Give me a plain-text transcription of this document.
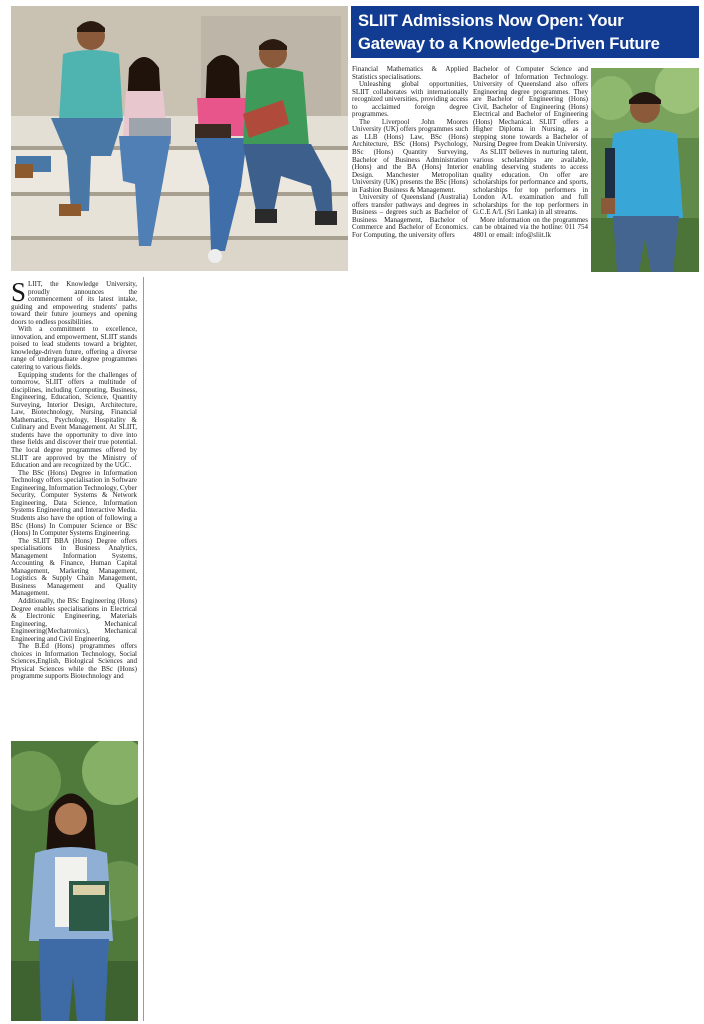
SLIIT Admissions Now Open: Your
Gateway to a Knowledge-Driven Future

Financial Mathematics & Applied Statistics specialisations.

Unleashing global opportunities, SLIIT collaborates with internationally recognized universities, providing access to acclaimed foreign degree programmes.

The Liverpool John Moores University (UK) offers programmes such as LLB (Hons) Law, BSc (Hons) Architecture, BSc (Hons) Psychology, BSc (Hons) Quantity Surveying, Bachelor of Business Administration (Hons) and the BA (Hons) Interior Design. Manchester Metropolitan University (UK) presents the BSc (Hons) in Fashion Business & Management.

University of Queensland (Australia) offers transfer pathways and degrees in Business – degrees such as Bachelor of Business Management, Bachelor of Commerce and Bachelor of Economics. For Computing, the university offers

Bachelor of Computer Science and Bachelor of Information Technology. University of Queensland also offers Engineering degree programmes. They are Bachelor of Engineering (Hons) Civil, Bachelor of Engineering (Hons) Electrical and Bachelor of Engineering (Hons) Mechanical. SLIIT offers a Higher Diploma in Nursing, as a stepping stone towards a Bachelor of Nursing Degree from Deakin University.

As SLIIT believes in nurturing talent, various scholarships are available, enabling deserving students to access quality education. On offer are scholarships for performance and sports, scholarships for top performers in London A/L examination and full scholarships for the top performers in G.C.E A/L (Sri Lanka) in all streams.

More information on the programmes can be obtained via the hotline: 011 754 4801 or email: info@sliit.lk

SLIIT, the Knowledge University, proudly announces the commencement of its latest intake, guiding and empowering students' paths toward their future journeys and opening doors to endless possibilities.

With a commitment to excellence, innovation, and empowerment, SLIIT stands poised to lead students toward a brighter, knowledge-driven future, offering a diverse range of undergraduate degree programmes catering to various fields.

Equipping students for the challenges of tomorrow, SLIIT offers a multitude of disciplines, including Computing, Business, Engineering, Education, Science, Quantity Surveying, Interior Design, Architecture, Law, Biotechnology, Nursing, Financial Mathematics, Psychology, Hospitality & Culinary and Event Management. At SLIIT, students have the opportunity to dive into these fields and discover their true potential. The local degree programmes offered by SLIIT are approved by the Ministry of Education and are recognized by the UGC.

The BSc (Hons) Degree in Information Technology offers specialisation in Software Engineering, Information Technology, Cyber Security, Computer Systems & Network Engineering, Data Science, Information Systems Engineering and Interactive Media. Students also have the option of following a BSc (Hons) In Computer Science or BSc (Hons) In Computer Systems Engineering.

The SLIIT BBA (Hons) Degree offers specialisations in Business Analytics, Management Information Systems, Accounting & Finance, Human Capital Management, Marketing Management, Logistics & Supply Chain Management, Business Management and Quality Management.

Additionally, the BSc Engineering (Hons) Degree enables specialisations in Electrical & Electronic Engineering, Materials Engineering, Mechanical Engineering(Mechatronics), Mechanical Engineering and Civil Engineering.

The B.Ed (Hons) programmes offers choices in Information Technology, Social Sciences,English, Biological Sciences and Physical Sciences while the BSc (Hons) programme supports Biotechnology and
